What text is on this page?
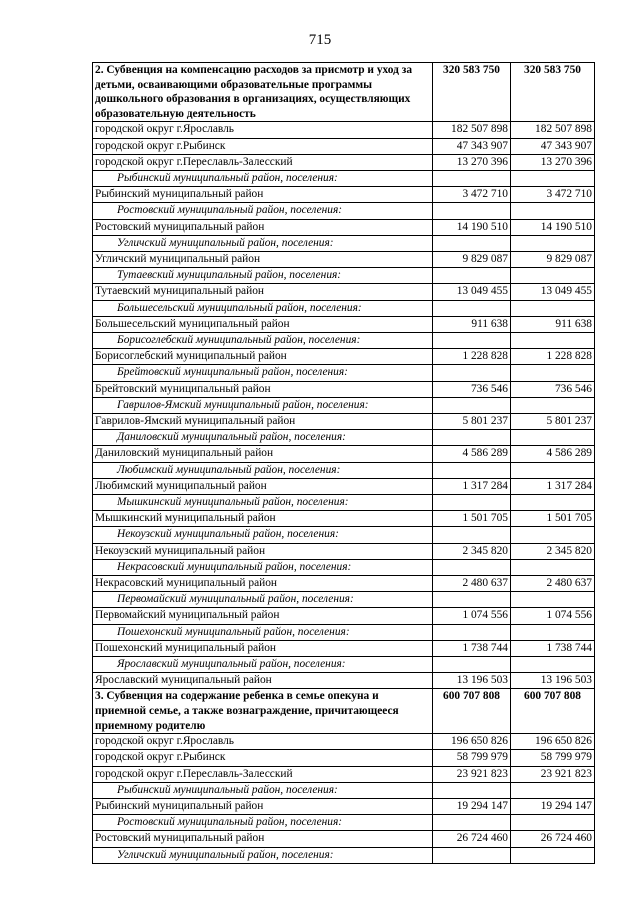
715
2. Субвенция на компенсацию расходов за присмотр и уход за детьми, осваивающими образовательные программы дошкольного образования в организациях, осуществляющих образовательную деятельность	320 583 750	320 583 750
городской округ г.Ярославль	182 507 898	182 507 898
городской округ г.Рыбинск	47 343 907	47 343 907
городской округ г.Переславль-Залесский	13 270 396	13 270 396
Рыбинский муниципальный район, поселения:		
Рыбинский муниципальный район	3 472 710	3 472 710
Ростовский муниципальный район, поселения:		
Ростовский муниципальный район	14 190 510	14 190 510
Угличский муниципальный район, поселения:		
Угличский муниципальный район	9 829 087	9 829 087
Тутаевский муниципальный район, поселения:		
Тутаевский муниципальный район	13 049 455	13 049 455
Большесельский муниципальный район, поселения:		
Большесельский муниципальный район	911 638	911 638
Борисоглебский муниципальный район, поселения:		
Борисоглебский муниципальный район	1 228 828	1 228 828
Брейтовский муниципальный район, поселения:		
Брейтовский муниципальный район	736 546	736 546
Гаврилов-Ямский муниципальный район, поселения:		
Гаврилов-Ямский муниципальный район	5 801 237	5 801 237
Даниловский муниципальный район, поселения:		
Даниловский муниципальный район	4 586 289	4 586 289
Любимский муниципальный район, поселения:		
Любимский муниципальный район	1 317 284	1 317 284
Мышкинский муниципальный район, поселения:		
Мышкинский муниципальный район	1 501 705	1 501 705
Некоузский муниципальный район, поселения:		
Некоузский муниципальный район	2 345 820	2 345 820
Некрасовский муниципальный район, поселения:		
Некрасовский муниципальный район	2 480 637	2 480 637
Первомайский муниципальный район, поселения:		
Первомайский муниципальный район	1 074 556	1 074 556
Пошехонский муниципальный район, поселения:		
Пошехонский муниципальный район	1 738 744	1 738 744
Ярославский муниципальный район, поселения:		
Ярославский муниципальный район	13 196 503	13 196 503
3. Субвенция на содержание ребенка в семье опекуна и приемной семье, а также вознаграждение, причитающееся приемному родителю	600 707 808	600 707 808
городской округ г.Ярославль	196 650 826	196 650 826
городской округ г.Рыбинск	58 799 979	58 799 979
городской округ г.Переславль-Залесский	23 921 823	23 921 823
Рыбинский муниципальный район, поселения:		
Рыбинский муниципальный район	19 294 147	19 294 147
Ростовский муниципальный район, поселения:		
Ростовский муниципальный район	26 724 460	26 724 460
Угличский муниципальный район, поселения:		
